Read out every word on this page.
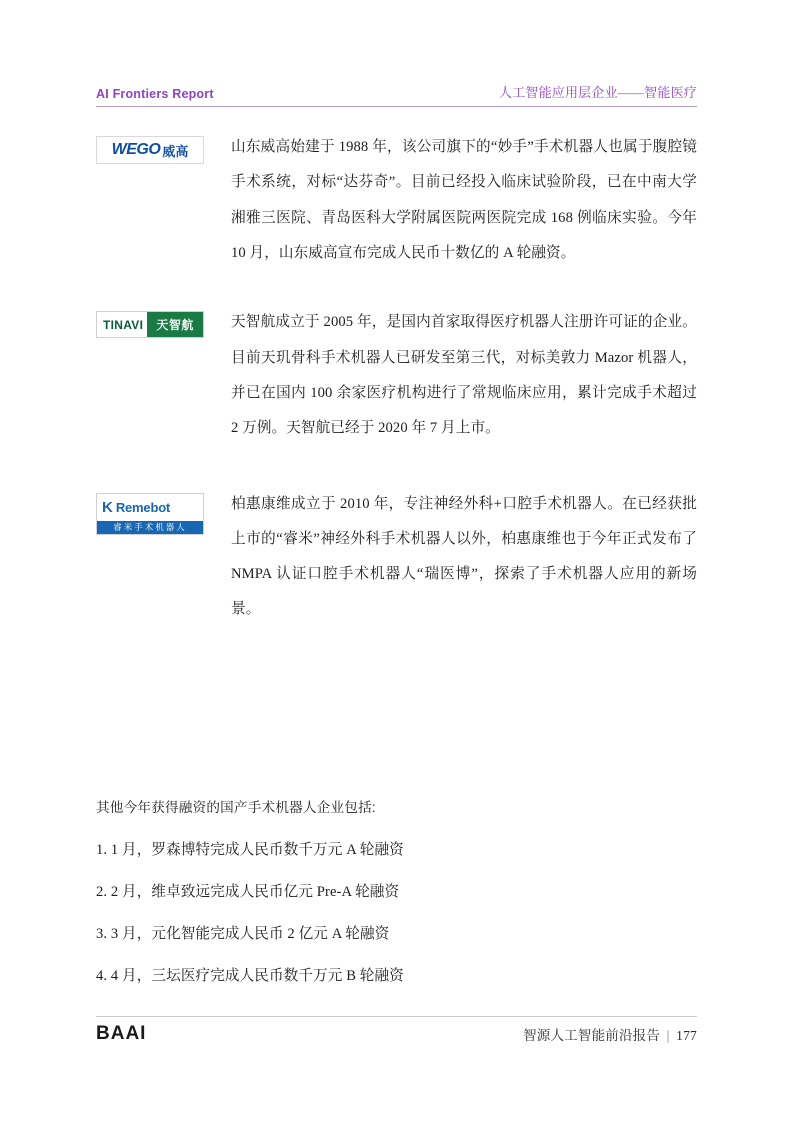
AI Frontiers Report	人工智能应用层企业——智能医疗
WEGO 威高	山东威高始建于 1988 年，该公司旗下的“妙手”手术机器人也属于腹腔镜手术系统，对标“达芬奇”。目前已经投入临床试验阶段，已在中南大学湘雅三医院、青岛医科大学附属医院两医院完成 168 例临床实验。今年 10 月，山东威高宣布完成人民币十数亿的 A 轮融资。
TINAVI	天智航	天智航成立于 2005 年，是国内首家取得医疗机器人注册许可证的企业。目前天玑骨科手术机器人已研发至第三代，对标美敦力 Mazor 机器人，并已在国内 100 余家医疗机构进行了常规临床应用，累计完成手术超过 2 万例。天智航已经于 2020 年 7 月上市。
K Remebot
睿米手术机器人
柏惠康维成立于 2010 年，专注神经外科+口腔手术机器人。在已经获批上市的“睿米”神经外科手术机器人以外，柏惠康维也于今年正式发布了 NMPA 认证口腔手术机器人“瑞医博”，探索了手术机器人应用的新场景。
其他今年获得融资的国产手术机器人企业包括:
1. 1 月，罗森博特完成人民币数千万元 A 轮融资
2. 2 月，维卓致远完成人民币亿元 Pre-A 轮融资
3. 3 月，元化智能完成人民币 2 亿元 A 轮融资
4. 4 月，三坛医疗完成人民币数千万元 B 轮融资
BAAI	智源人工智能前沿报告 | 177
